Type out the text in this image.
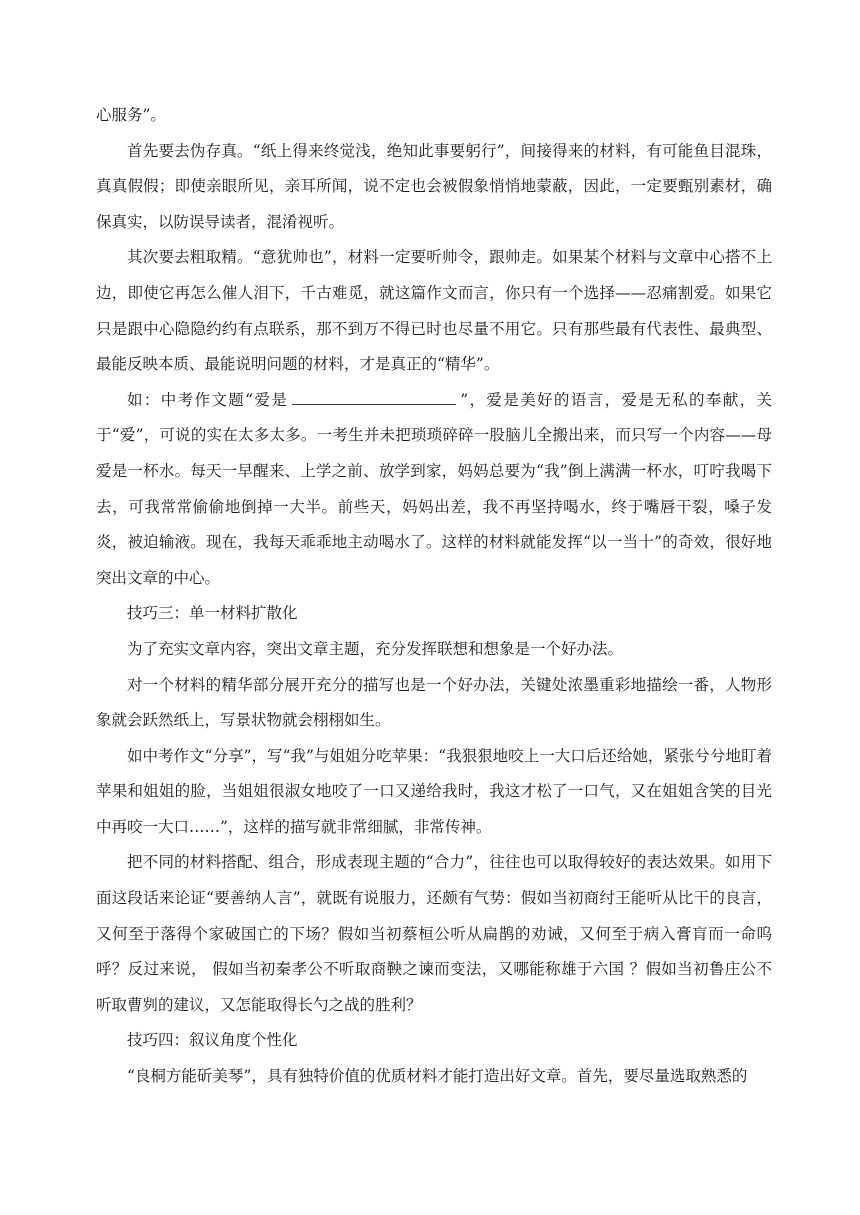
心服务”。

首先要去伪存真。“纸上得来终觉浅，绝知此事要躬行”，间接得来的材料，有可能鱼目混珠，真真假假；即使亲眼所见，亲耳所闻，说不定也会被假象悄悄地蒙蔽，因此，一定要甄别素材，确保真实，以防误导读者，混淆视听。

其次要去粗取精。“意犹帅也”，材料一定要听帅令，跟帅走。如果某个材料与文章中心搭不上边，即使它再怎么催人泪下，千古难觅，就这篇作文而言，你只有一个选择——忍痛割爱。如果它只是跟中心隐隐约约有点联系，那不到万不得已时也尽量不用它。只有那些最有代表性、最典型、最能反映本质、最能说明问题的材料，才是真正的“精华”。

如：中考作文题“爱是	”，爱是美好的语言，爱是无私的奉献，关于“爱”，可说的实在太多太多。一考生并未把琐琐碎碎一股脑儿全搬出来，而只写一个内容——母爱是一杯水。每天一早醒来、上学之前、放学到家，妈妈总要为“我”倒上满满一杯水，叮咛我喝下去，可我常常偷偷地倒掉一大半。前些天，妈妈出差，我不再坚持喝水，终于嘴唇干裂，嗓子发炎，被迫输液。现在，我每天乖乖地主动喝水了。这样的材料就能发挥“以一当十”的奇效，很好地突出文章的中心。

技巧三：单一材料扩散化

为了充实文章内容，突出文章主题，充分发挥联想和想象是一个好办法。

对一个材料的精华部分展开充分的描写也是一个好办法，关键处浓墨重彩地描绘一番，人物形象就会跃然纸上，写景状物就会栩栩如生。

如中考作文“分享”，写“我”与姐姐分吃苹果：“我狠狠地咬上一大口后还给她，紧张兮兮地盯着苹果和姐姐的脸，当姐姐很淑女地咬了一口又递给我时，我这才松了一口气，又在姐姐含笑的目光中再咬一大口……”，这样的描写就非常细腻，非常传神。

把不同的材料搭配、组合，形成表现主题的“合力”，往往也可以取得较好的表达效果。如用下面这段话来论证“要善纳人言”，就既有说服力，还颇有气势：假如当初商纣王能听从比干的良言，又何至于落得个家破国亡的下场？假如当初蔡桓公听从扁鹊的劝诫，又何至于病入膏肓而一命呜呼？反过来说， 假如当初秦孝公不听取商鞅之谏而变法，又哪能称雄于六国 ？假如当初鲁庄公不听取曹刿的建议，又怎能取得长勺之战的胜利？

技巧四：叙议角度个性化

“良桐方能斫美琴”，具有独特价值的优质材料才能打造出好文章。首先，要尽量选取熟悉的
